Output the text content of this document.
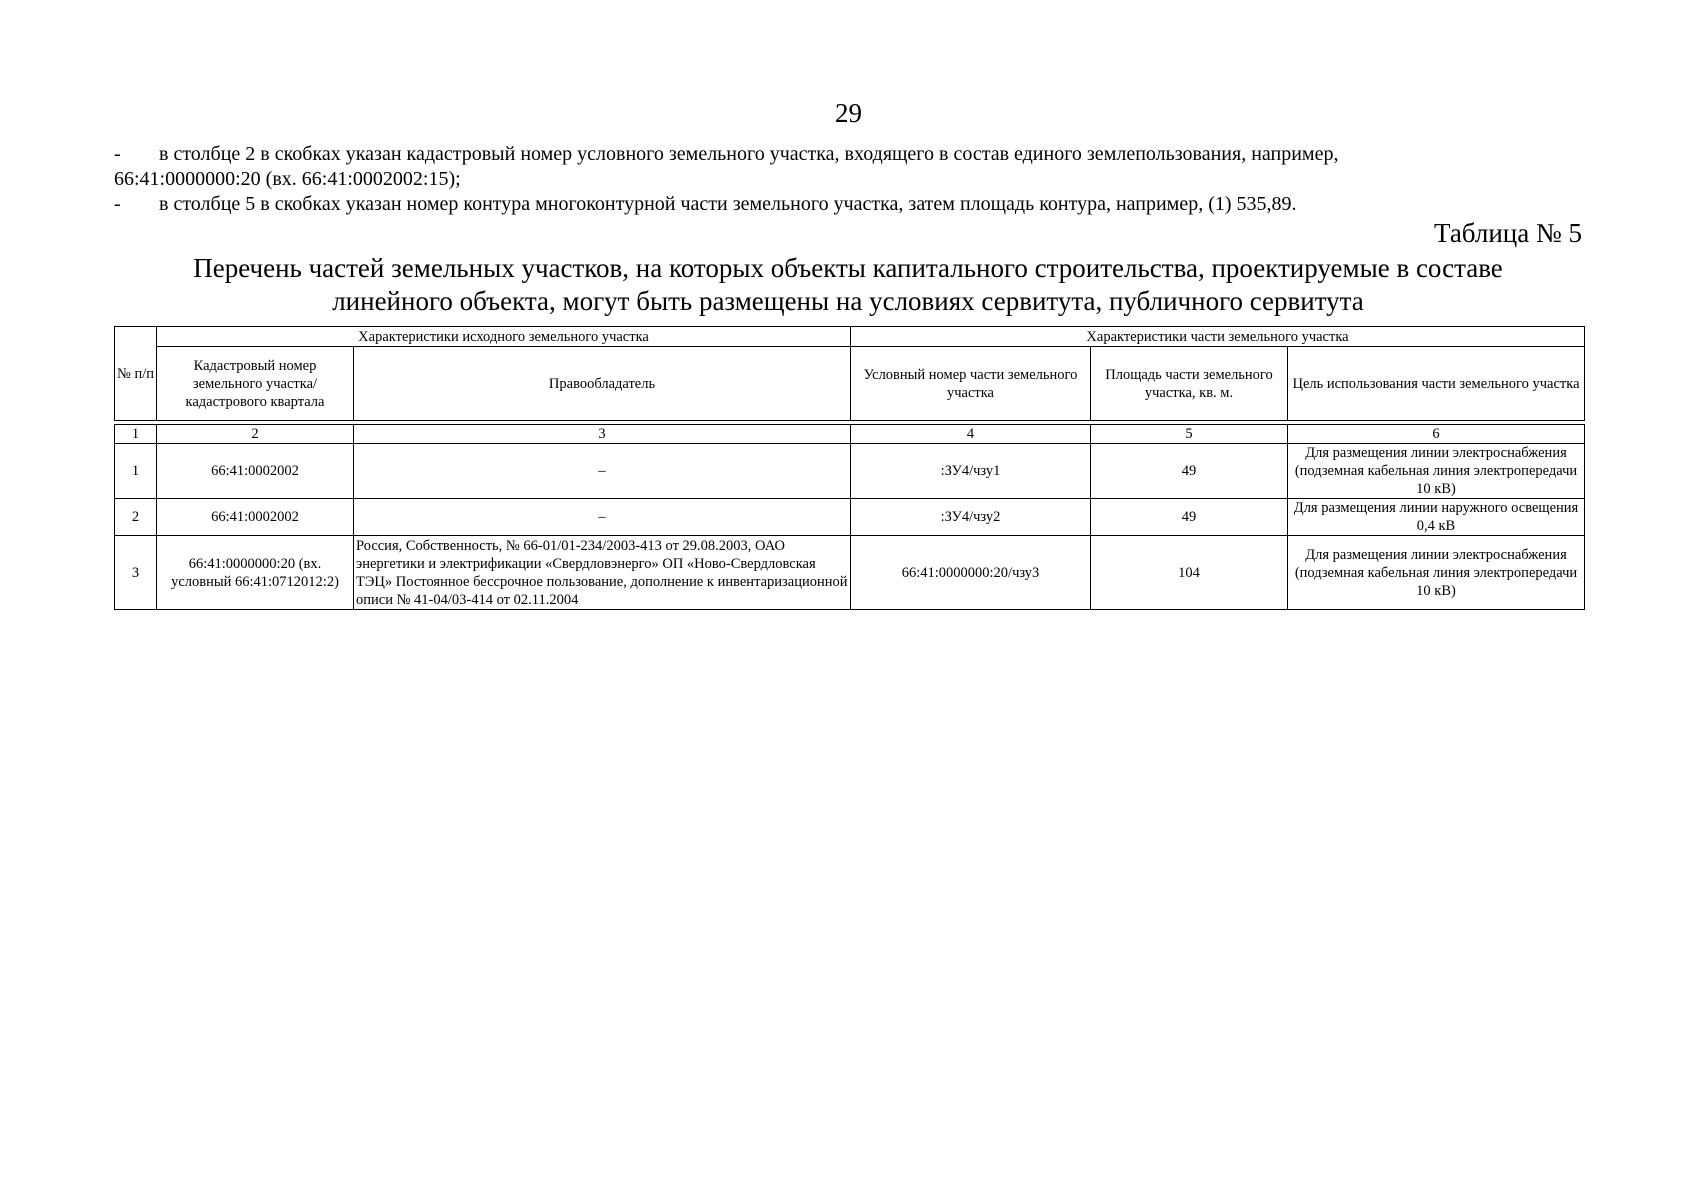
29
- в столбце 2 в скобках указан кадастровый номер условного земельного участка, входящего в состав единого землепользования, например,
66:41:0000000:20 (вх. 66:41:0002002:15);
- в столбце 5 в скобках указан номер контура многоконтурной части земельного участка, затем площадь контура, например, (1) 535,89.
Таблица № 5
Перечень частей земельных участков, на которых объекты капитального строительства, проектируемые в составе
линейного объекта, могут быть размещены на условиях сервитута, публичного сервитута
№ п/п	Характеристики исходного земельного участка		Характеристики части земельного участка		
	Кадастровый номер земельного участка/кадастрового квартала	Правообладатель	Условный номер части земельного участка	Площадь части земельного участка, кв. м.	Цель использования части земельного участка

1	2	3	4	5	6
1	66:41:0002002	–	:ЗУ4/чзу1	49	Для размещения линии электроснабжения (подземная кабельная линия электропередачи 10 кВ)
2	66:41:0002002	–	:ЗУ4/чзу2	49	Для размещения линии наружного освещения 0,4 кВ
3	66:41:0000000:20 (вх. условный 66:41:0712012:2)	Россия, Собственность, № 66-01/01-234/2003-413 от 29.08.2003, ОАО энергетики и электрификации «Свердловэнерго» ОП «Ново-Свердловская ТЭЦ» Постоянное бессрочное пользование, дополнение к инвентаризационной описи № 41-04/03-414 от 02.11.2004	66:41:0000000:20/чзу3	104	Для размещения линии электроснабжения (подземная кабельная линия электропередачи 10 кВ)
